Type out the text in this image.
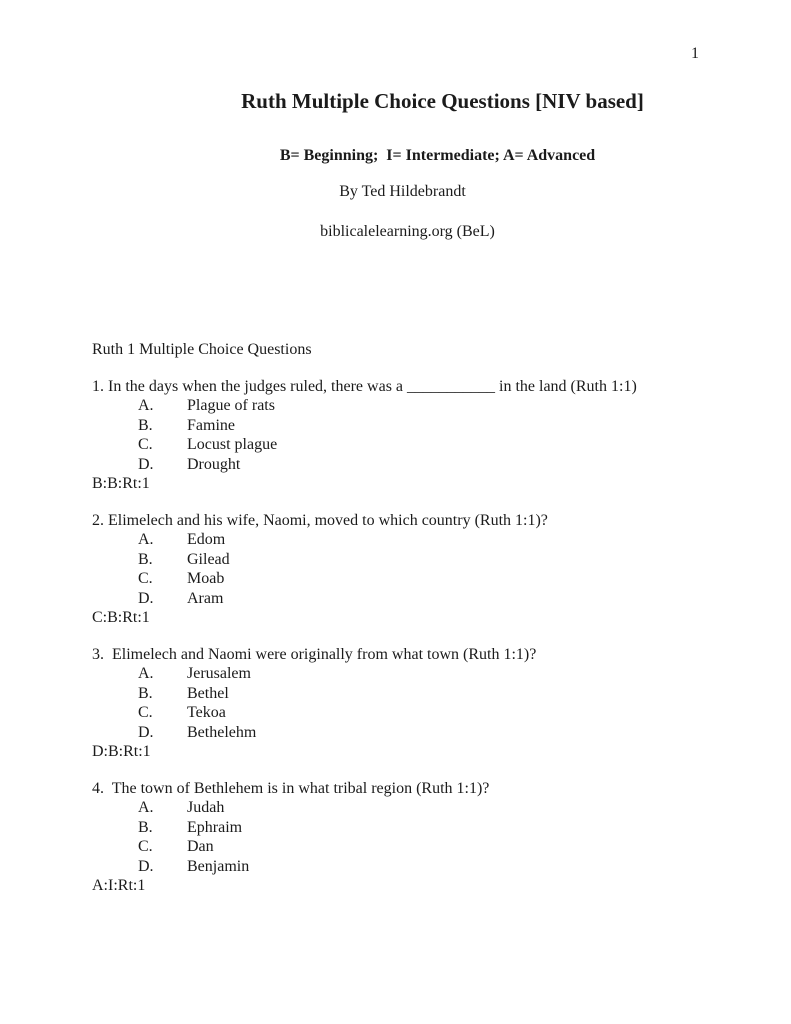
1
Ruth Multiple Choice Questions [NIV based]
B= Beginning;  I= Intermediate; A= Advanced
By Ted Hildebrandt
biblicalelearning.org (BeL)
Ruth 1 Multiple Choice Questions
1. In the days when the judges ruled, there was a ___________ in the land (Ruth 1:1)
A. Plague of rats
B. Famine
C. Locust plague
D. Drought
B:B:Rt:1
2. Elimelech and his wife, Naomi, moved to which country (Ruth 1:1)?
A. Edom
B. Gilead
C. Moab
D. Aram
C:B:Rt:1
3.  Elimelech and Naomi were originally from what town (Ruth 1:1)?
A. Jerusalem
B. Bethel
C. Tekoa
D. Bethelehm
D:B:Rt:1
4.  The town of Bethlehem is in what tribal region (Ruth 1:1)?
A. Judah
B. Ephraim
C. Dan
D. Benjamin
A:I:Rt:1
